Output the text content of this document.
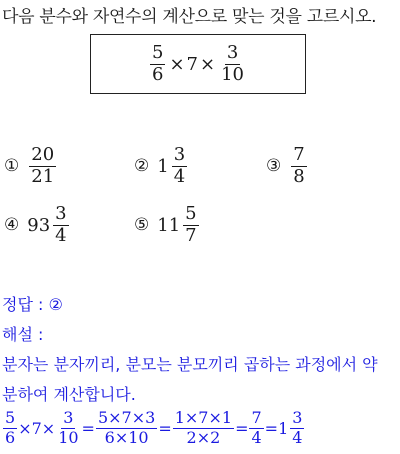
다음 분수와 자연수의 계산으로 맞는 것을 고르시오.
$\frac{5}{6} \times 7 \times \frac{3}{10}$
① $\frac{20}{21}$	② $1 \frac{3}{4}$	③ $\frac{7}{8}$
④ $93 \frac{3}{4}$	⑤ $11 \frac{5}{7}$
정답 : ②
해설 :
분자는 분자끼리, 분모는 분모끼리 곱하는 과정에서 약
분하여 계산합니다.
$\frac{5}{6} \times 7 \times \frac{3}{10} = \frac{5\times 7\times 3}{6\times 10} = \frac{1\times 7\times 1}{2\times 2} = \frac{7}{4} = 1 \frac{3}{4}$
